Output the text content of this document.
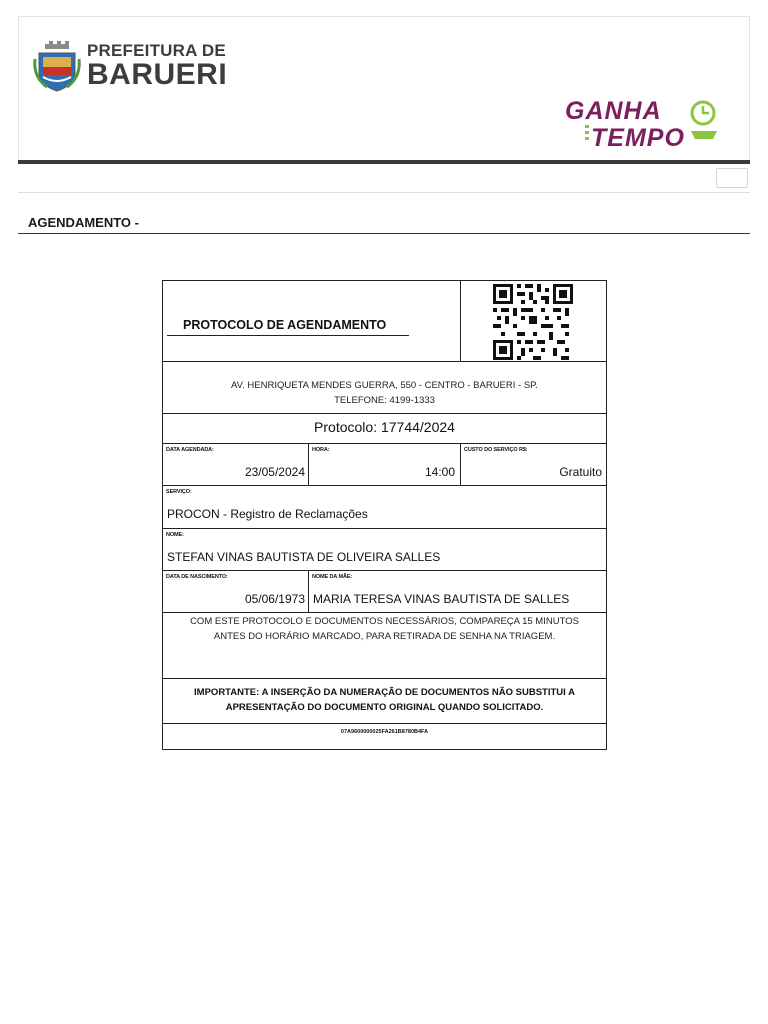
PREFEITURA DE
BARUERI
GANHA
TEMPO
AGENDAMENTO -
PROTOCOLO DE AGENDAMENTO
AV. HENRIQUETA MENDES GUERRA, 550 - CENTRO - BARUERI - SP.
TELEFONE: 4199-1333
Protocolo: 17744/2024
DATA AGENDADA:
23/05/2024
HORA:
14:00
CUSTO DO SERVIÇO R$:
Gratuito
SERVIÇO:
PROCON - Registro de Reclamações
NOME:
STEFAN VINAS BAUTISTA DE OLIVEIRA SALLES
DATA DE NASCIMENTO:
05/06/1973
NOME DA MÃE:
MARIA TERESA VINAS BAUTISTA DE SALLES
COM ESTE PROTOCOLO E DOCUMENTOS NECESSÁRIOS, COMPAREÇA 15 MINUTOS
ANTES DO HORÁRIO MARCADO, PARA RETIRADA DE SENHA NA TRIAGEM.
IMPORTANTE: A INSERÇÃO DA NUMERAÇÃO DE DOCUMENTOS NÃO SUBSTITUI A
APRESENTAÇÃO DO DOCUMENTO ORIGINAL QUANDO SOLICITADO.
07A9600000025FA261B8780B4FA
